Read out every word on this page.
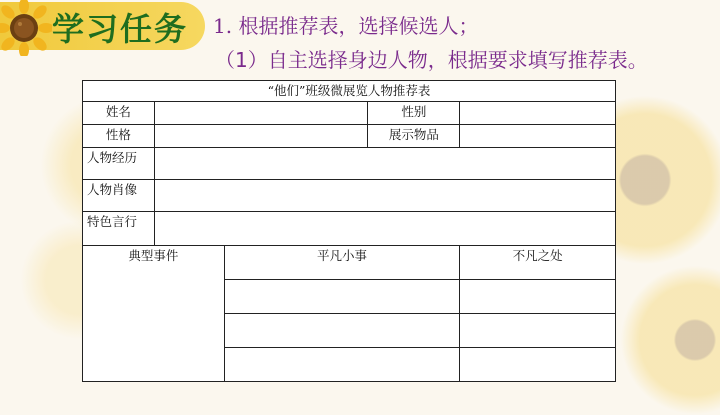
学习任务 1. 根据推荐表，选择候选人；
（1）自主选择身边人物，根据要求填写推荐表。
“他们”班级微展览人物推荐表				
姓名			性别	
性格			展示物品	
人物经历				
人物肖像				
特色言行				
典型事件		平凡小事		不凡之处
